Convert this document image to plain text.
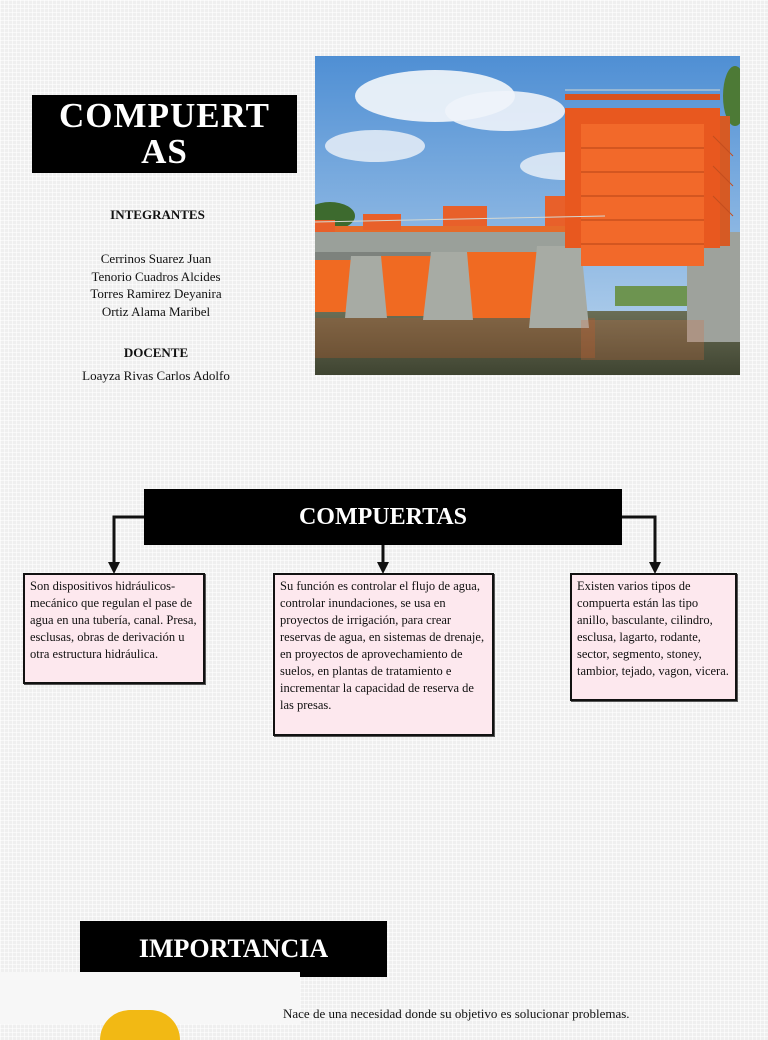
COMPUERTAS
INTEGRANTES
Cerrinos Suarez Juan
Tenorio Cuadros Alcides
Torres Ramirez Deyanira
Ortiz Alama Maribel
DOCENTE
Loayza Rivas Carlos Adolfo
COMPUERTAS
Son dispositivos hidráulicos-mecánico que regulan el pase de agua en una tubería, canal. Presa, esclusas, obras de derivación u otra estructura hidráulica.
Su función es controlar el flujo de agua, controlar inundaciones, se usa en proyectos de irrigación, para crear reservas de agua, en sistemas de drenaje, en proyectos de aprovechamiento de suelos, en plantas de tratamiento e incrementar la capacidad de reserva de las presas.
Existen varios tipos de compuerta están las tipo anillo, basculante, cilindro, esclusa, lagarto, rodante, sector, segmento, stoney, tambior, tejado, vagon, vicera.
IMPORTANCIA
Nace de una necesidad donde su objetivo es solucionar problemas.
